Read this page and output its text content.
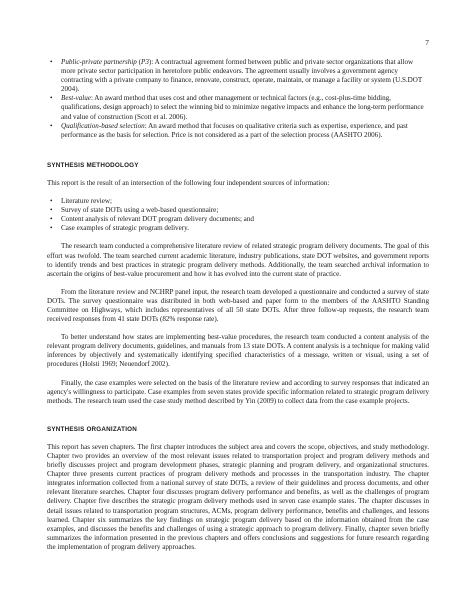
7
• Public-private partnership (P3): A contractual agreement formed between public and private sector organizations that allow more private sector participation in heretofore public endeavors. The agreement usually involves a government agency contracting with a private company to finance, renovate, construct, operate, maintain, or manage a facility or system (U.S.DOT 2004).
• Best-value: An award method that uses cost and other management or technical factors (e.g., cost-plus-time bidding, qualifications, design approach) to select the winning bid to minimize negative impacts and enhance the long-term performance and value of construction (Scott et al. 2006).
• Qualification-based selection: An award method that focuses on qualitative criteria such as expertise, experience, and past performance as the basis for selection. Price is not considered as a part of the selection process (AASHTO 2006).
SYNTHESIS METHODOLOGY

This report is the result of an intersection of the following four independent sources of information:

• Literature review;
• Survey of state DOTs using a web-based questionnaire;
• Content analysis of relevant DOT program delivery documents; and
• Case examples of strategic program delivery.

The research team conducted a comprehensive literature review of related strategic program delivery documents. The goal of this effort was twofold. The team searched current academic literature, industry publications, state DOT websites, and government reports to identify trends and best practices in strategic program delivery methods. Additionally, the team searched archival information to ascertain the origins of best-value procurement and how it has evolved into the current state of practice.

From the literature review and NCHRP panel input, the research team developed a questionnaire and conducted a survey of state DOTs. The survey questionnaire was distributed in both web-based and paper form to the members of the AASHTO Standing Committee on Highways, which includes representatives of all 50 state DOTs. After three follow-up requests, the research team received responses from 41 state DOTs (82% response rate).

To better understand how states are implementing best-value procedures, the research team conducted a content analysis of the relevant program delivery documents, guidelines, and manuals from 13 state DOTs. A content analysis is a technique for making valid inferences by objectively and systematically identifying specified characteristics of a message, written or visual, using a set of procedures (Holsti 1969; Neuendorf 2002).

Finally, the case examples were selected on the basis of the literature review and according to survey responses that indicated an agency's willingness to participate. Case examples from seven states provide specific information related to strategic program delivery methods. The research team used the case study method described by Yin (2009) to collect data from the case example projects.

SYNTHESIS ORGANIZATION

This report has seven chapters. The first chapter introduces the subject area and covers the scope, objectives, and study methodology. Chapter two provides an overview of the most relevant issues related to transportation project and program delivery methods and briefly discusses project and program development phases, strategic planning and program delivery, and organizational structures. Chapter three presents current practices of program delivery methods and processes in the transportation industry. The chapter integrates information collected from a national survey of state DOTs, a review of their guidelines and process documents, and other relevant literature searches. Chapter four discusses program delivery performance and benefits, as well as the challenges of program delivery. Chapter five describes the strategic program delivery methods used in seven case example states. The chapter discusses in detail issues related to transportation program structures, ACMs, program delivery performance, benefits and challenges, and lessons learned. Chapter six summarizes the key findings on strategic program delivery based on the information obtained from the case examples, and discusses the benefits and challenges of using a strategic approach to program delivery. Finally, chapter seven briefly summarizes the information presented in the previous chapters and offers conclusions and suggestions for future research regarding the implementation of program delivery approaches.
